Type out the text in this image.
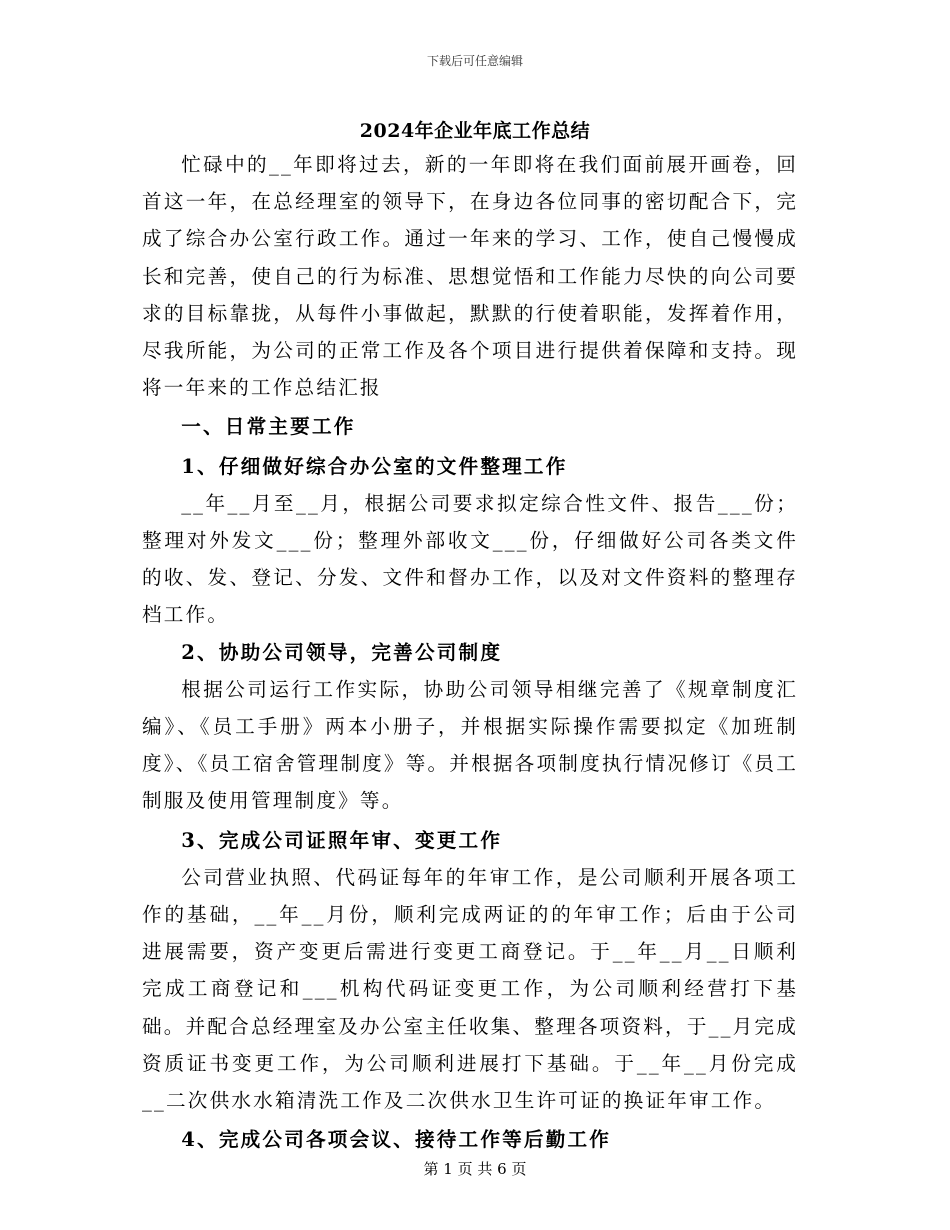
下载后可任意编辑
2024年企业年底工作总结

忙碌中的__年即将过去，新的一年即将在我们面前展开画卷，回首这一年，在总经理室的领导下，在身边各位同事的密切配合下，完成了综合办公室行政工作。通过一年来的学习、工作，使自己慢慢成长和完善，使自己的行为标准、思想觉悟和工作能力尽快的向公司要求的目标靠拢，从每件小事做起，默默的行使着职能，发挥着作用，尽我所能，为公司的正常工作及各个项目进行提供着保障和支持。现将一年来的工作总结汇报

一、日常主要工作
1、仔细做好综合办公室的文件整理工作

__年__月至__月，根据公司要求拟定综合性文件、报告___份；整理对外发文___份；整理外部收文___份，仔细做好公司各类文件的收、发、登记、分发、文件和督办工作，以及对文件资料的整理存档工作。

2、协助公司领导，完善公司制度

根据公司运行工作实际，协助公司领导相继完善了《规章制度汇编》、《员工手册》两本小册子，并根据实际操作需要拟定《加班制度》、《员工宿舍管理制度》等。并根据各项制度执行情况修订《员工制服及使用管理制度》等。

3、完成公司证照年审、变更工作

公司营业执照、代码证每年的年审工作，是公司顺利开展各项工作的基础，__年__月份，顺利完成两证的的年审工作；后由于公司进展需要，资产变更后需进行变更工商登记。于__年__月__日顺利完成工商登记和___机构代码证变更工作，为公司顺利经营打下基础。并配合总经理室及办公室主任收集、整理各项资料，于__月完成资质证书变更工作，为公司顺利进展打下基础。于__年__月份完成__二次供水水箱清洗工作及二次供水卫生许可证的换证年审工作。

4、完成公司各项会议、接待工作等后勤工作
第 1 页 共 6 页
